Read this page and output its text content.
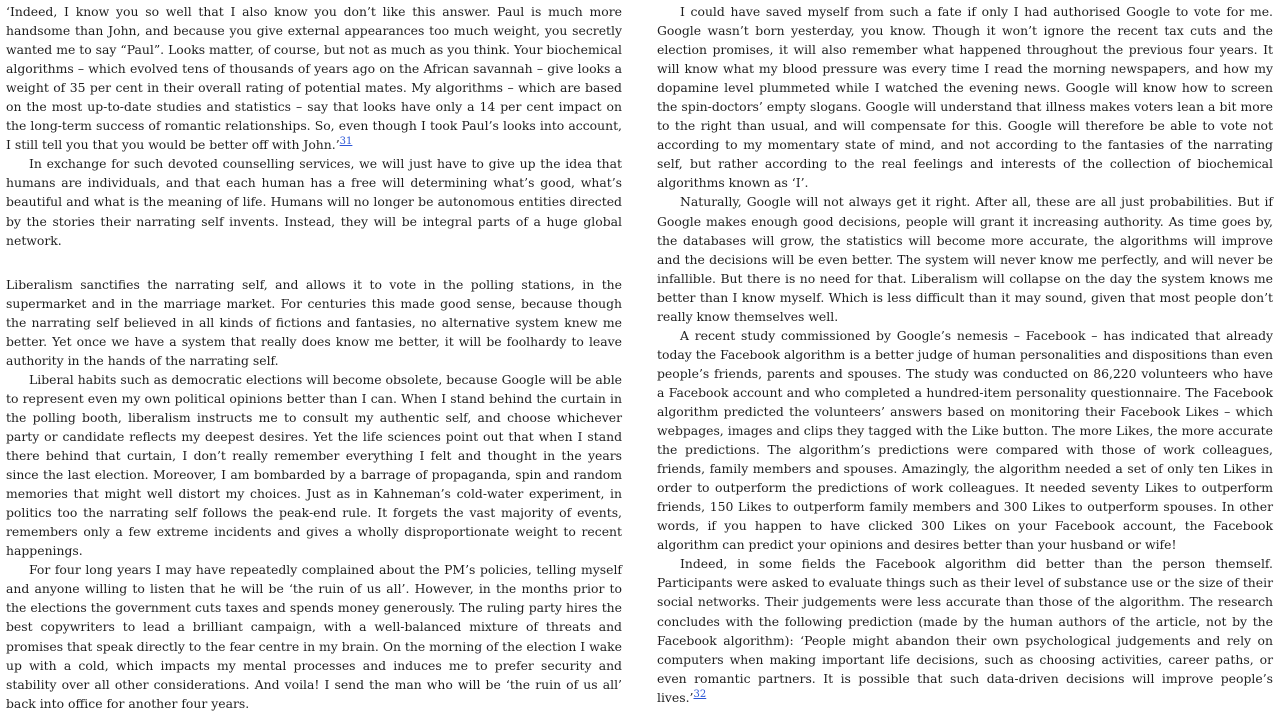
‘Indeed, I know you so well that I also know you don’t like this answer. Paul is much more handsome than John, and because you give external appearances too much weight, you secretly wanted me to say “Paul”. Looks matter, of course, but not as much as you think. Your biochemical algorithms – which evolved tens of thousands of years ago on the African savannah – give looks a weight of 35 per cent in their overall rating of potential mates. My algorithms – which are based on the most up-to-date studies and statistics – say that looks have only a 14 per cent impact on the long-term success of romantic relationships. So, even though I took Paul’s looks into account, I still tell you that you would be better off with John.’$^{31}$

In exchange for such devoted counselling services, we will just have to give up the idea that humans are individuals, and that each human has a free will determining what’s good, what’s beautiful and what is the meaning of life. Humans will no longer be autonomous entities directed by the stories their narrating self invents. Instead, they will be integral parts of a huge global network.

Liberalism sanctifies the narrating self, and allows it to vote in the polling stations, in the supermarket and in the marriage market. For centuries this made good sense, because though the narrating self believed in all kinds of fictions and fantasies, no alternative system knew me better. Yet once we have a system that really does know me better, it will be foolhardy to leave authority in the hands of the narrating self.

Liberal habits such as democratic elections will become obsolete, because Google will be able to represent even my own political opinions better than I can. When I stand behind the curtain in the polling booth, liberalism instructs me to consult my authentic self, and choose whichever party or candidate reflects my deepest desires. Yet the life sciences point out that when I stand there behind that curtain, I don’t really remember everything I felt and thought in the years since the last election. Moreover, I am bombarded by a barrage of propaganda, spin and random memories that might well distort my choices. Just as in Kahneman’s cold-water experiment, in politics too the narrating self follows the peak-end rule. It forgets the vast majority of events, remembers only a few extreme incidents and gives a wholly disproportionate weight to recent happenings.

For four long years I may have repeatedly complained about the PM’s policies, telling myself and anyone willing to listen that he will be ‘the ruin of us all’. However, in the months prior to the elections the government cuts taxes and spends money generously. The ruling party hires the best copywriters to lead a brilliant campaign, with a well-balanced mixture of threats and promises that speak directly to the fear centre in my brain. On the morning of the election I wake up with a cold, which impacts my mental processes and induces me to prefer security and stability over all other considerations. And voila! I send the man who will be ‘the ruin of us all’ back into office for another four years.

I could have saved myself from such a fate if only I had authorised Google to vote for me. Google wasn’t born yesterday, you know. Though it won’t ignore the recent tax cuts and the election promises, it will also remember what happened throughout the previous four years. It will know what my blood pressure was every time I read the morning newspapers, and how my dopamine level plummeted while I watched the evening news. Google will know how to screen the spin-doctors’ empty slogans. Google will understand that illness makes voters lean a bit more to the right than usual, and will compensate for this. Google will therefore be able to vote not according to my momentary state of mind, and not according to the fantasies of the narrating self, but rather according to the real feelings and interests of the collection of biochemical algorithms known as ‘I’.

Naturally, Google will not always get it right. After all, these are all just probabilities. But if Google makes enough good decisions, people will grant it increasing authority. As time goes by, the databases will grow, the statistics will become more accurate, the algorithms will improve and the decisions will be even better. The system will never know me perfectly, and will never be infallible. But there is no need for that. Liberalism will collapse on the day the system knows me better than I know myself. Which is less difficult than it may sound, given that most people don’t really know themselves well.

A recent study commissioned by Google’s nemesis – Facebook – has indicated that already today the Facebook algorithm is a better judge of human personalities and dispositions than even people’s friends, parents and spouses. The study was conducted on 86,220 volunteers who have a Facebook account and who completed a hundred-item personality questionnaire. The Facebook algorithm predicted the volunteers’ answers based on monitoring their Facebook Likes – which webpages, images and clips they tagged with the Like button. The more Likes, the more accurate the predictions. The algorithm’s predictions were compared with those of work colleagues, friends, family members and spouses. Amazingly, the algorithm needed a set of only ten Likes in order to outperform the predictions of work colleagues. It needed seventy Likes to outperform friends, 150 Likes to outperform family members and 300 Likes to outperform spouses. In other words, if you happen to have clicked 300 Likes on your Facebook account, the Facebook algorithm can predict your opinions and desires better than your husband or wife!

Indeed, in some fields the Facebook algorithm did better than the person themself. Participants were asked to evaluate things such as their level of substance use or the size of their social networks. Their judgements were less accurate than those of the algorithm. The research concludes with the following prediction (made by the human authors of the article, not by the Facebook algorithm): ‘People might abandon their own psychological judgements and rely on computers when making important life decisions, such as choosing activities, career paths, or even romantic partners. It is possible that such data-driven decisions will improve people’s lives.’$^{32}$
